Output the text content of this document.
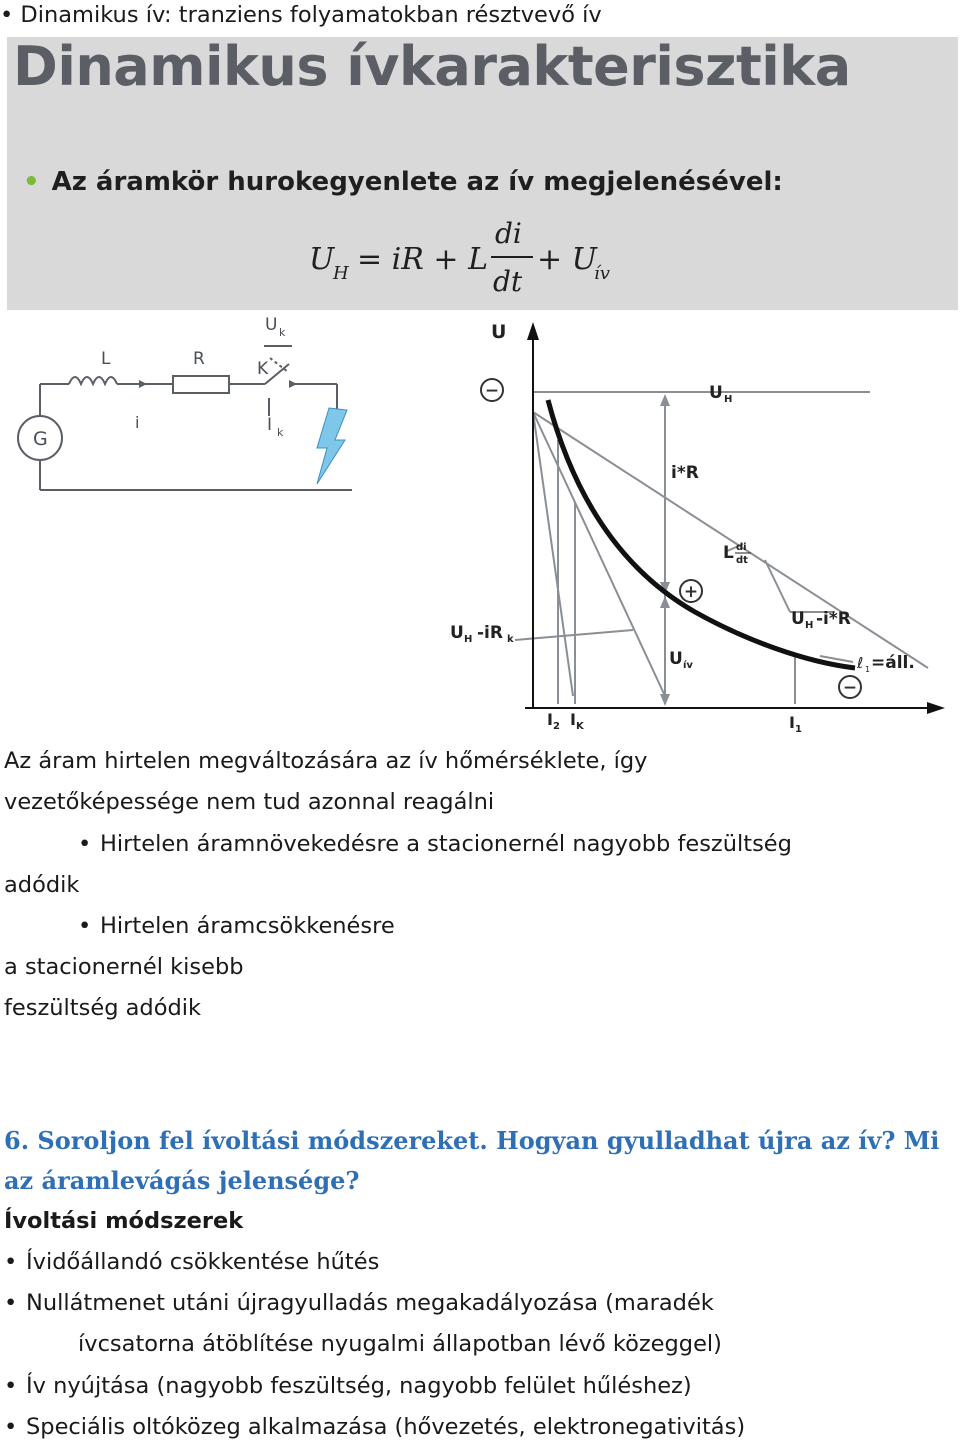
• Dinamikus ív: tranziens folyamatokban résztvevő ív
Dinamikus ívkarakterisztika
• Az áramkör hurokegyenlete az ív megjelenésével:
U
H = iR + L
di
dt
+ U
ív
L	R
U k
K
i	I k
G
−
+
−
U
U H
i*R
L di
dt
U H -iR k
U H -i*R
U ív	ℓ 1 =áll.
I 2 I K	I 1
Az áram hirtelen megváltozására az ív hőmérséklete, így
vezetőképessége nem tud azonnal reagálni
• Hirtelen áramnövekedésre a stacionernél nagyobb feszültség
adódik
• Hirtelen áramcsökkenésre
a stacionernél kisebb
feszültség adódik
6. Soroljon fel ívoltási módszereket. Hogyan gyulladhat újra az ív? Mi
az áramlevágás jelensége?
Ívoltási módszerek
• Ívidőállandó csökkentése hűtés
• Nullátmenet utáni újragyulladás megakadályozása (maradék
ívcsatorna átöblítése nyugalmi állapotban lévő közeggel)
• Ív nyújtása (nagyobb feszültség, nagyobb felület hűléshez)
• Speciális oltóközeg alkalmazása (hővezetés, elektronegativitás)
